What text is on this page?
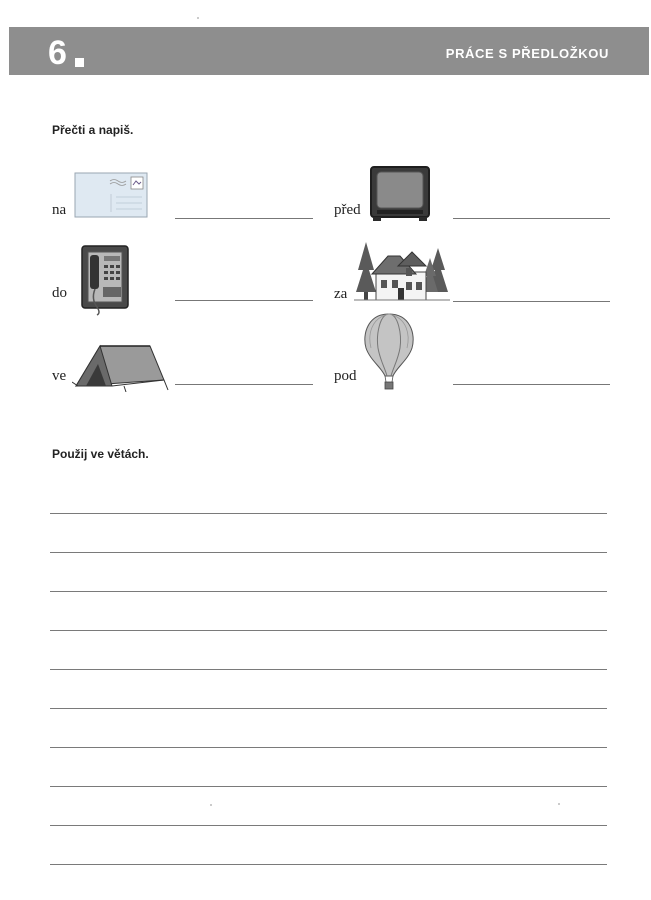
6	PRÁCE S PŘEDLOŽKOU
Přečti a napiš.
na	před
do	za
ve	pod
Použij ve větách.
